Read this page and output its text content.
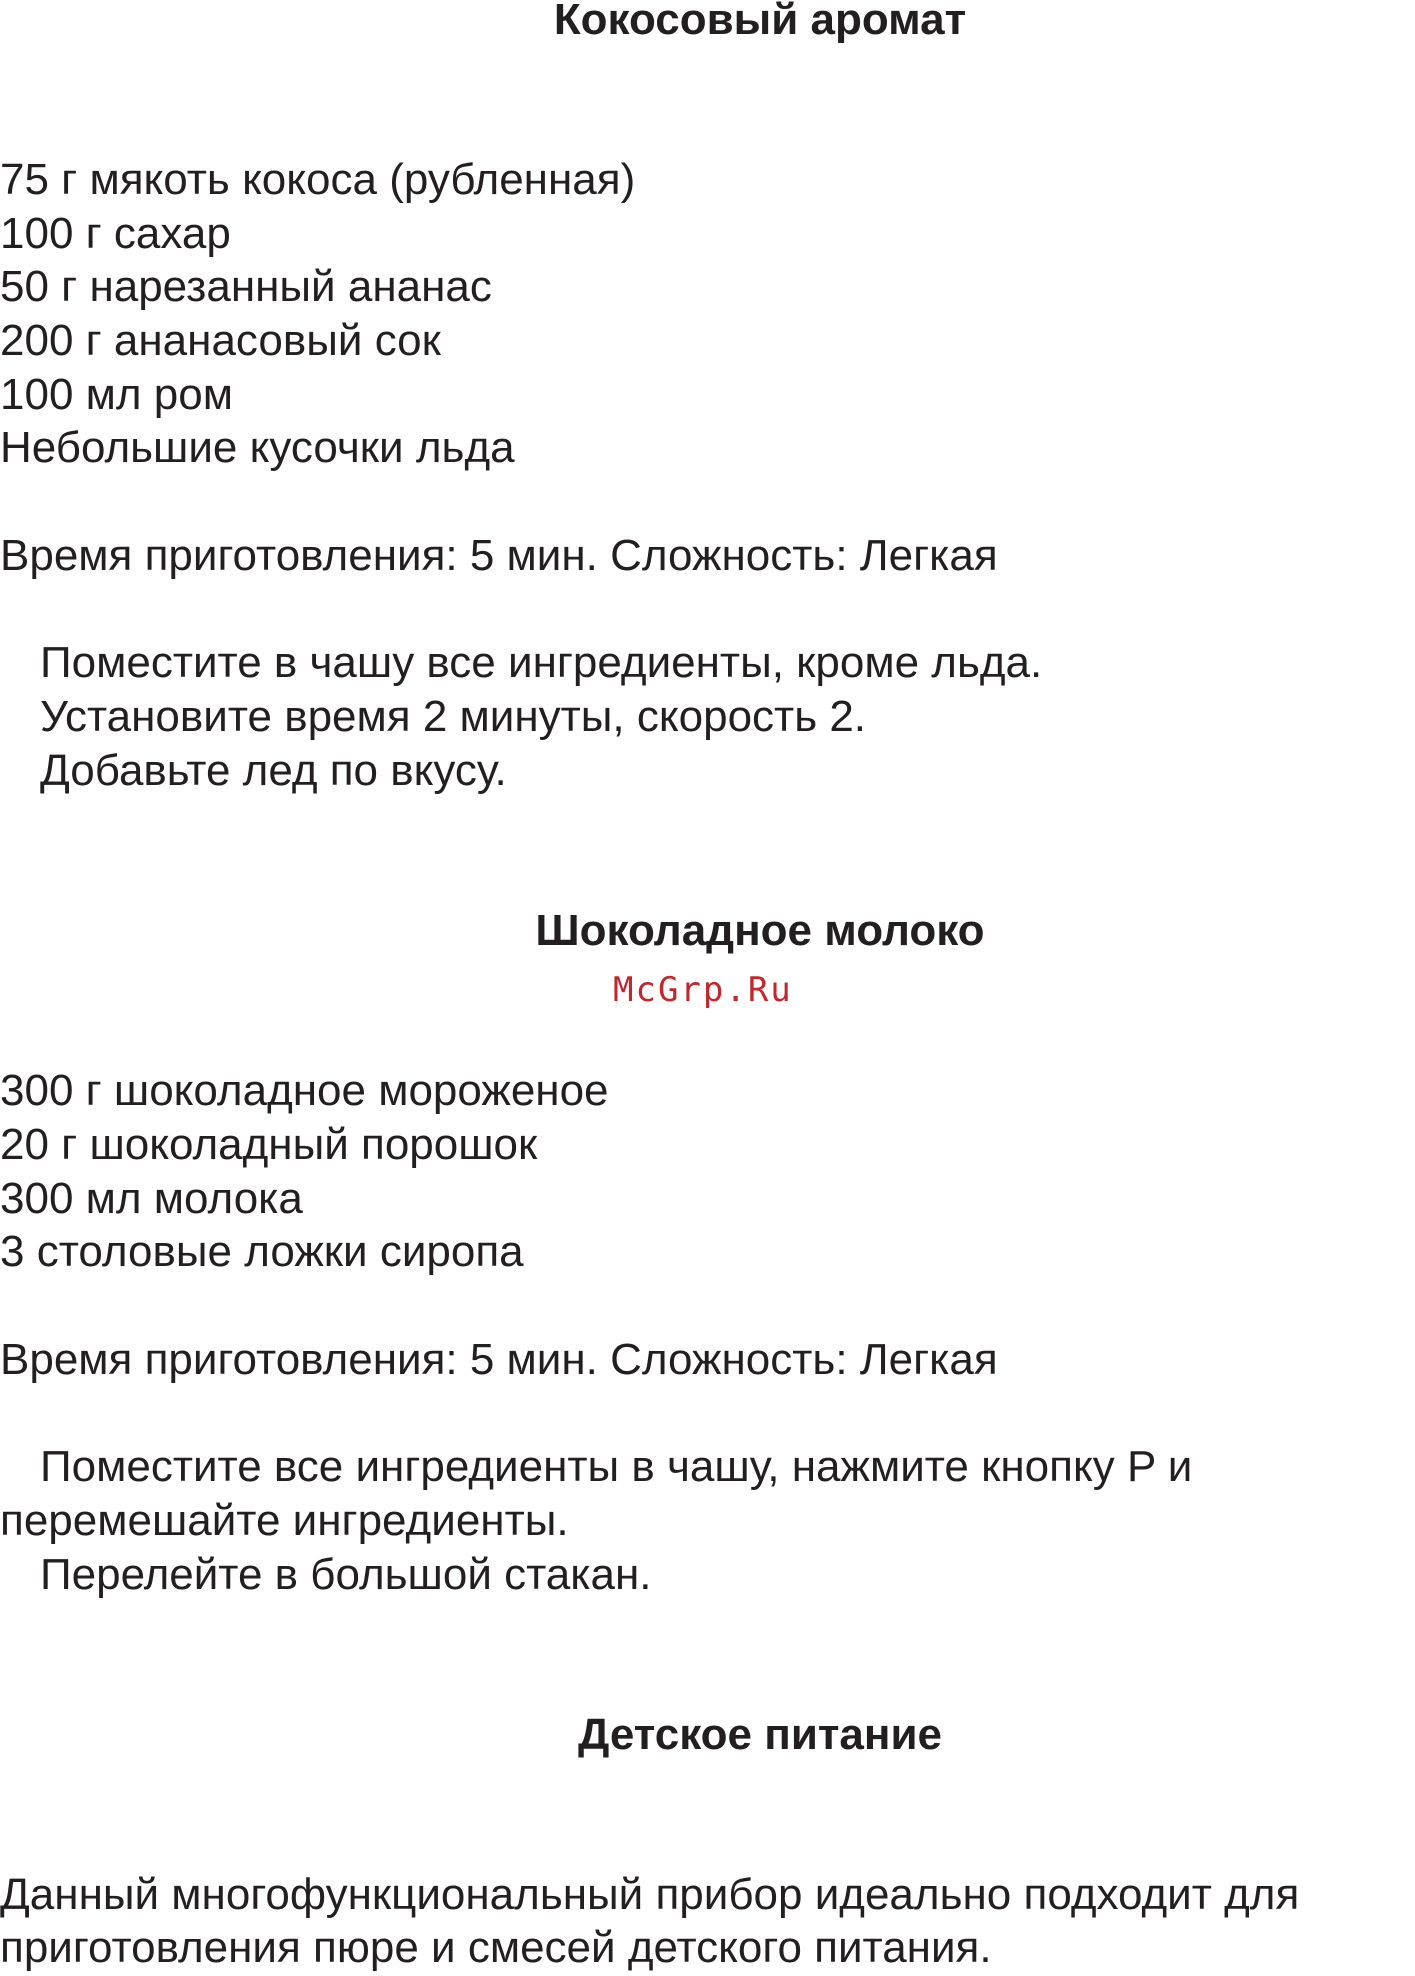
Кокосовый аромат
75 г мякоть кокоса (рубленная)
100 г сахар
50 г нарезанный ананас
200 г ананасовый сок
100 мл ром
Небольшие кусочки льда
Время приготовления: 5 мин. Сложность: Легкая
Поместите в чашу все ингредиенты, кроме льда.
Установите время 2 минуты, скорость 2.
Добавьте лед по вкусу.
Шоколадное молоко
McGrp.Ru
300 г шоколадное мороженое
20 г шоколадный порошок
300 мл молока
3 столовые ложки сиропа
Время приготовления: 5 мин. Сложность: Легкая
Поместите все ингредиенты в чашу, нажмите кнопку P и
перемешайте ингредиенты.
Перелейте в большой стакан.
Детское питание
Данный многофункциональный прибор идеально подходит для
приготовления пюре и смесей детского питания.
